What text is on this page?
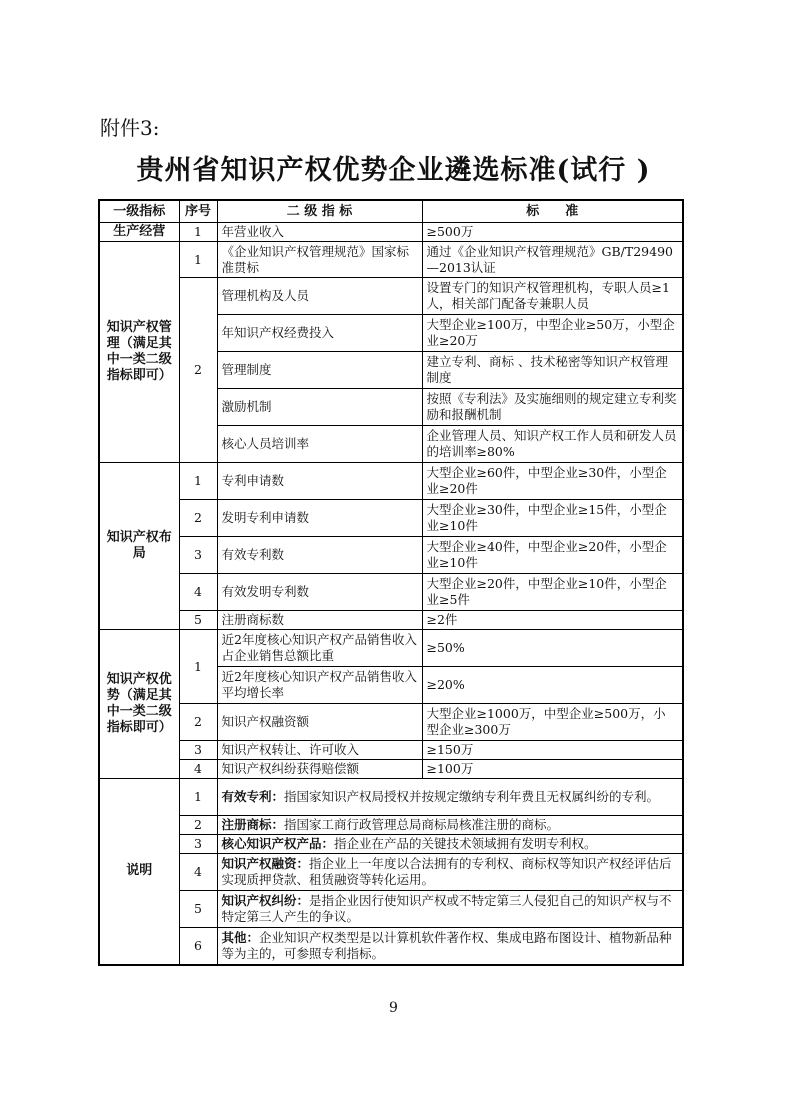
附件3:
贵州省知识产权优势企业遴选标准(试行 )
一级指标	序号	二 级 指 标	标　　准
生产经营	1	年营业收入	≥500万
知识产权管理（满足其中一类二级指标即可）	1	《企业知识产权管理规范》国家标准贯标	通过《企业知识产权管理规范》GB/T29490—2013认证
	2	管理机构及人员	设置专门的知识产权管理机构，专职人员≥1人，相关部门配备专兼职人员
		年知识产权经费投入	大型企业≥100万，中型企业≥50万，小型企业≥20万
		管理制度	建立专利、商标 、技术秘密等知识产权管理制度
		激励机制	按照《专利法》及实施细则的规定建立专利奖励和报酬机制
		核心人员培训率	企业管理人员、知识产权工作人员和研发人员的培训率≥80%
知识产权布局	1	专利申请数	大型企业≥60件，中型企业≥30件，小型企业≥20件
	2	发明专利申请数	大型企业≥30件，中型企业≥15件，小型企业≥10件
	3	有效专利数	大型企业≥40件，中型企业≥20件，小型企业≥10件
	4	有效发明专利数	大型企业≥20件，中型企业≥10件，小型企业≥5件
	5	注册商标数	≥2件
知识产权优势（满足其中一类二级指标即可）	1	近2年度核心知识产权产品销售收入占企业销售总额比重	≥50%
		近2年度核心知识产权产品销售收入平均增长率	≥20%
	2	知识产权融资额	大型企业≥1000万，中型企业≥500万，小型企业≥300万
	3	知识产权转让、许可收入	≥150万
	4	知识产权纠纷获得赔偿额	≥100万
说明	1	有效专利：指国家知识产权局授权并按规定缴纳专利年费且无权属纠纷的专利。	
	2	注册商标：指国家工商行政管理总局商标局核准注册的商标。	
	3	核心知识产权产品：指企业在产品的关键技术领域拥有发明专利权。	
	4	知识产权融资：指企业上一年度以合法拥有的专利权、商标权等知识产权经评估后实现质押贷款、租赁融资等转化运用。	
	5	知识产权纠纷：是指企业因行使知识产权或不特定第三人侵犯自己的知识产权与不特定第三人产生的争议。	
	6	其他：企业知识产权类型是以计算机软件著作权、集成电路布图设计、植物新品种等为主的，可参照专利指标。	
9
